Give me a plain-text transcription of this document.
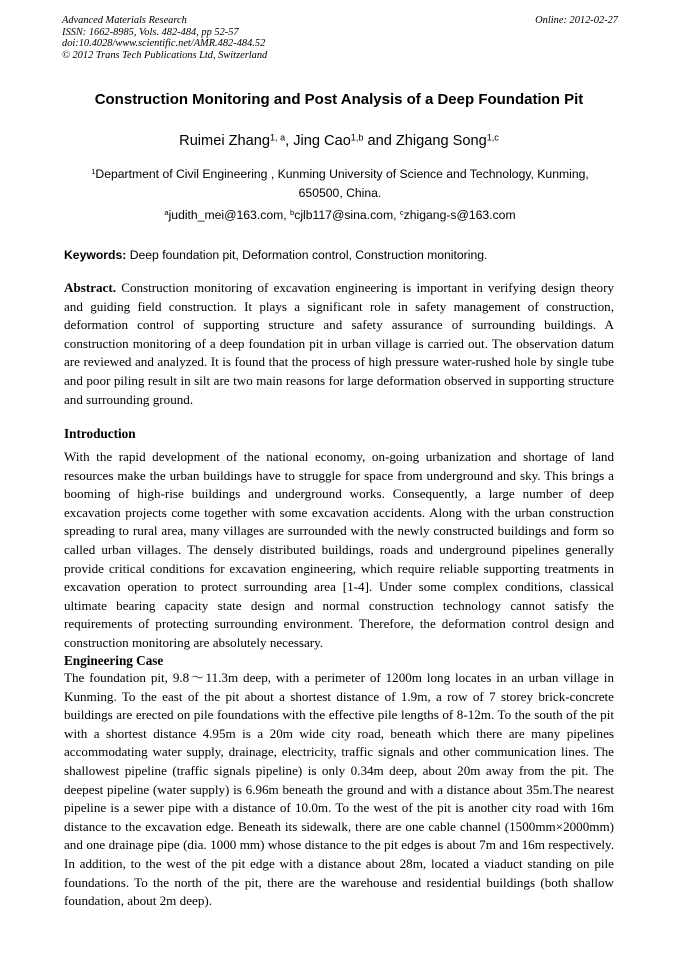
Advanced Materials Research
ISSN: 1662-8985, Vols. 482-484, pp 52-57
doi:10.4028/www.scientific.net/AMR.482-484.52
© 2012 Trans Tech Publications Ltd, Switzerland
Online: 2012-02-27
Construction Monitoring and Post Analysis of a Deep Foundation Pit
Ruimei Zhang$^{1, a}$, Jing Cao$^{1,b}$ and Zhigang Song$^{1,c}$
$^1$Department of Civil Engineering , Kunming University of Science and Technology, Kunming,
650500, China.
$^a$judith_mei@163.com, $^b$cjlb117@sina.com, $^c$zhigang-s@163.com
Keywords: Deep foundation pit, Deformation control, Construction monitoring.
Abstract. Construction monitoring of excavation engineering is important in verifying design theory and guiding field construction. It plays a significant role in safety management of construction, deformation control of supporting structure and safety assurance of surrounding buildings. A construction monitoring of a deep foundation pit in urban village is carried out. The observation datum are reviewed and analyzed. It is found that the process of high pressure water-rushed hole by single tube and poor piling result in silt are two main reasons for large deformation observed in supporting structure and surrounding ground.
Introduction
With the rapid development of the national economy, on-going urbanization and shortage of land resources make the urban buildings have to struggle for space from underground and sky. This brings a booming of high-rise buildings and underground works. Consequently, a large number of deep excavation projects come together with some excavation accidents. Along with the urban construction spreading to rural area, many villages are surrounded with the newly constructed buildings and form so called urban villages. The densely distributed buildings, roads and underground pipelines generally provide critical conditions for excavation engineering, which require reliable supporting treatments in excavation operation to protect surrounding area [1-4]. Under some complex conditions, classical ultimate bearing capacity state design and normal construction technology cannot satisfy the requirements of protecting surrounding environment. Therefore, the deformation control design and construction monitoring are absolutely necessary.
Engineering Case
The foundation pit, 9.8～11.3m deep, with a perimeter of 1200m long locates in an urban village in Kunming. To the east of the pit about a shortest distance of 1.9m, a row of 7 storey brick-concrete buildings are erected on pile foundations with the effective pile lengths of 8-12m. To the south of the pit with a shortest distance 4.95m is a 20m wide city road, beneath which there are many pipelines accommodating water supply, drainage, electricity, traffic signals and other communication lines. The shallowest pipeline (traffic signals pipeline) is only 0.34m deep, about 20m away from the pit. The deepest pipeline (water supply) is 6.96m beneath the ground and with a distance about 35m.The nearest pipeline is a sewer pipe with a distance of 10.0m. To the west of the pit is another city road with 16m distance to the excavation edge. Beneath its sidewalk, there are one cable channel (1500mm×2000mm) and one drainage pipe (dia. 1000 mm) whose distance to the pit edges is about 7m and 16m respectively. In addition, to the west of the pit edge with a distance about 28m, located a viaduct standing on pile foundations. To the north of the pit, there are the warehouse and residential buildings (both shallow foundation, about 2m deep).
